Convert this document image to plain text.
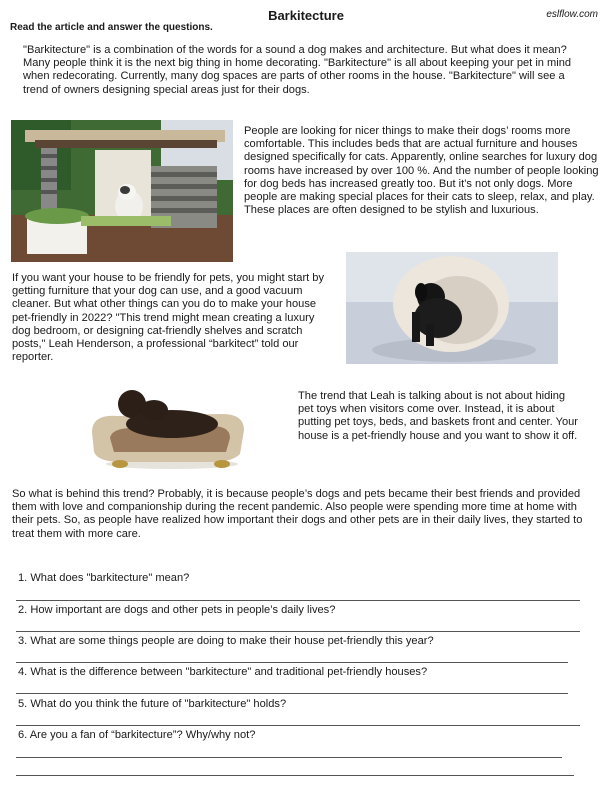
Barkitecture	eslflow.com
Read the article and answer the questions.
"Barkitecture" is a combination of the words for a sound a dog makes and architecture. But what does it mean? Many people think it is the next big thing in home decorating. "Barkitecture" is all about keeping your pet in mind when redecorating. Currently, many dog spaces are parts of other rooms in the house. "Barkitecture" will see a trend of owners designing special areas just for their dogs.
People are looking for nicer things to make their dogs’ rooms more comfortable. This includes beds that are actual furniture and houses designed specifically for cats. Apparently, online searches for luxury dog rooms have increased by over 100 %. And the number of people looking for dog beds has increased greatly too. But it’s not only dogs. More people are making special places for their cats to sleep, relax, and play. These places are often designed to be stylish and luxurious.
If you want your house to be friendly for pets, you might start by getting furniture that your dog can use, and a good vacuum cleaner. But what other things can you do to make your house pet-friendly in 2022? "This trend might mean creating a luxury dog bedroom, or designing cat-friendly shelves and scratch posts," Leah Henderson, a professional “barkitect” told our reporter.
The trend that Leah is talking about is not about hiding pet toys when visitors come over. Instead, it is about putting pet toys, beds, and baskets front and center. Your house is a pet-friendly house and you want to show it off.
So what is behind this trend? Probably, it is because people’s dogs and pets became their best friends and provided them with love and companionship during the recent pandemic. Also people were spending more time at home with their pets. So, as people have realized how important their dogs and other pets are in their daily lives, they started to treat them with more care.
1. What does "barkitecture" mean?
2. How important are dogs and other pets in people’s daily lives?
3. What are some things people are doing to make their house pet-friendly this year?
4. What is the difference between "barkitecture" and traditional pet-friendly houses?
5. What do you think the future of "barkitecture" holds?
6. Are you a fan of “barkitecture”? Why/why not?
